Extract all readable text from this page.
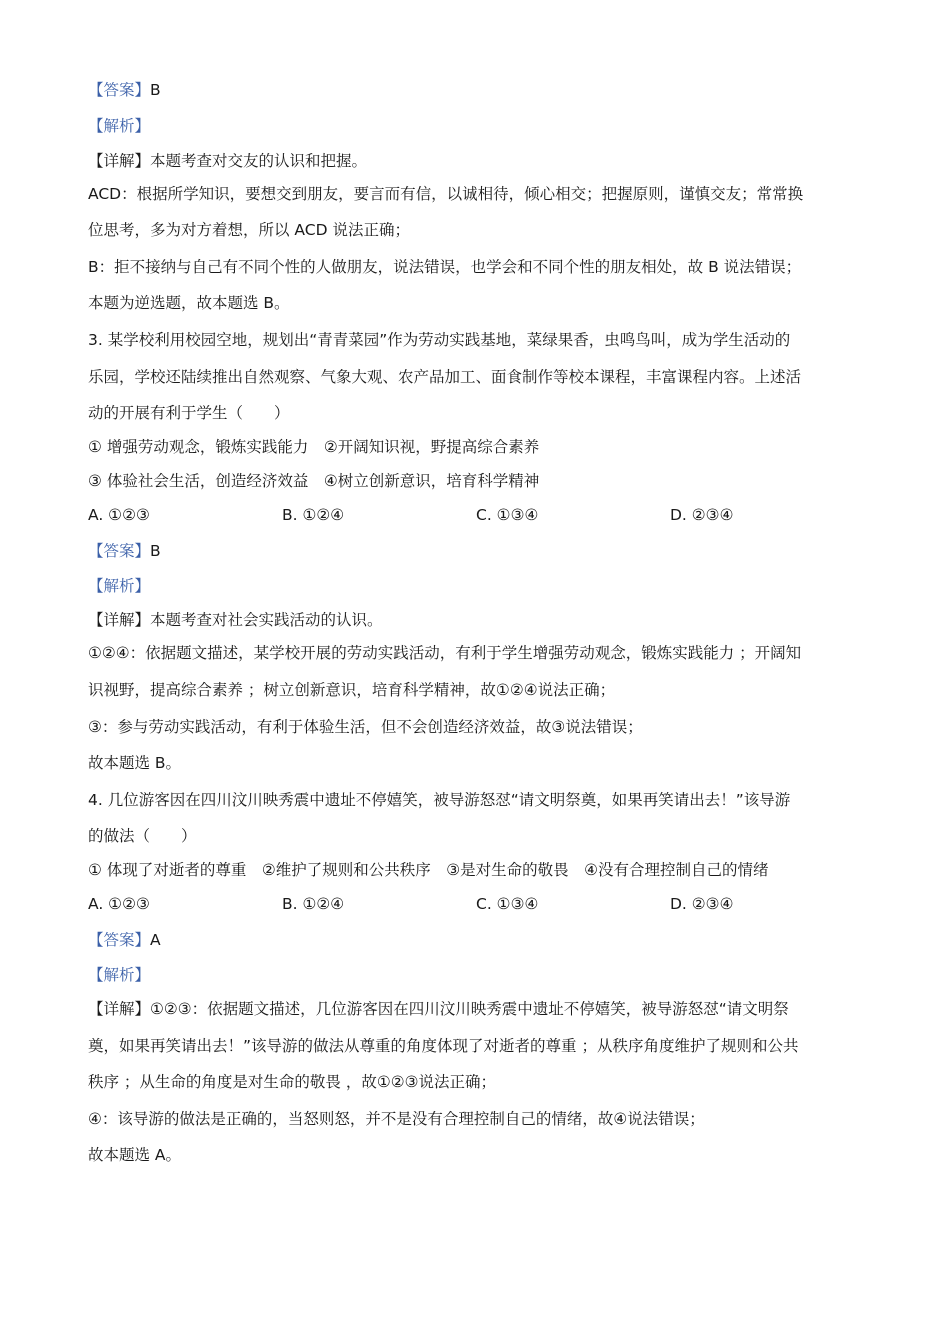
【答案】B
【解析】
【详解】本题考查对交友的认识和把握。
ACD：根据所学知识，要想交到朋友，要言而有信，以诚相待，倾心相交；把握原则，谨慎交友；常常换
位思考，多为对方着想，所以 ACD 说法正确；
B：拒不接纳与自己有不同个性的人做朋友，说法错误，也学会和不同个性的朋友相处，故 B 说法错误；
本题为逆选题，故本题选 B。
3. 某学校利用校园空地，规划出“青青菜园”作为劳动实践基地，菜绿果香，虫鸣鸟叫，成为学生活动的
乐园，学校还陆续推出自然观察、气象大观、农产品加工、面食制作等校本课程，丰富课程内容。上述活
动的开展有利于学生（　　）
① 增强劳动观念，锻炼实践能力　②开阔知识视，野提高综合素养
③ 体验社会生活，创造经济效益　④树立创新意识，培育科学精神
A. ①②③	B. ①②④	C. ①③④	D. ②③④
【答案】B
【解析】
【详解】本题考查对社会实践活动的认识。
①②④：依据题文描述，某学校开展的劳动实践活动，有利于学生增强劳动观念，锻炼实践能力 ；开阔知
识视野，提高综合素养 ；树立创新意识，培育科学精神，故①②④说法正确；
③：参与劳动实践活动，有利于体验生活，但不会创造经济效益，故③说法错误；
故本题选 B。
4. 几位游客因在四川汶川映秀震中遗址不停嬉笑，被导游怒怼“请文明祭奠，如果再笑请出去！”该导游
的做法（　　）
① 体现了对逝者的尊重　②维护了规则和公共秩序　③是对生命的敬畏　④没有合理控制自己的情绪
A. ①②③	B. ①②④	C. ①③④	D. ②③④
【答案】A
【解析】
【详解】①②③：依据题文描述，几位游客因在四川汶川映秀震中遗址不停嬉笑，被导游怒怼“请文明祭
奠，如果再笑请出去！”该导游的做法从尊重的角度体现了对逝者的尊重 ；从秩序角度维护了规则和公共
秩序 ；从生命的角度是对生命的敬畏 ，故①②③说法正确；
④：该导游的做法是正确的，当怒则怒，并不是没有合理控制自己的情绪，故④说法错误；
故本题选 A。
